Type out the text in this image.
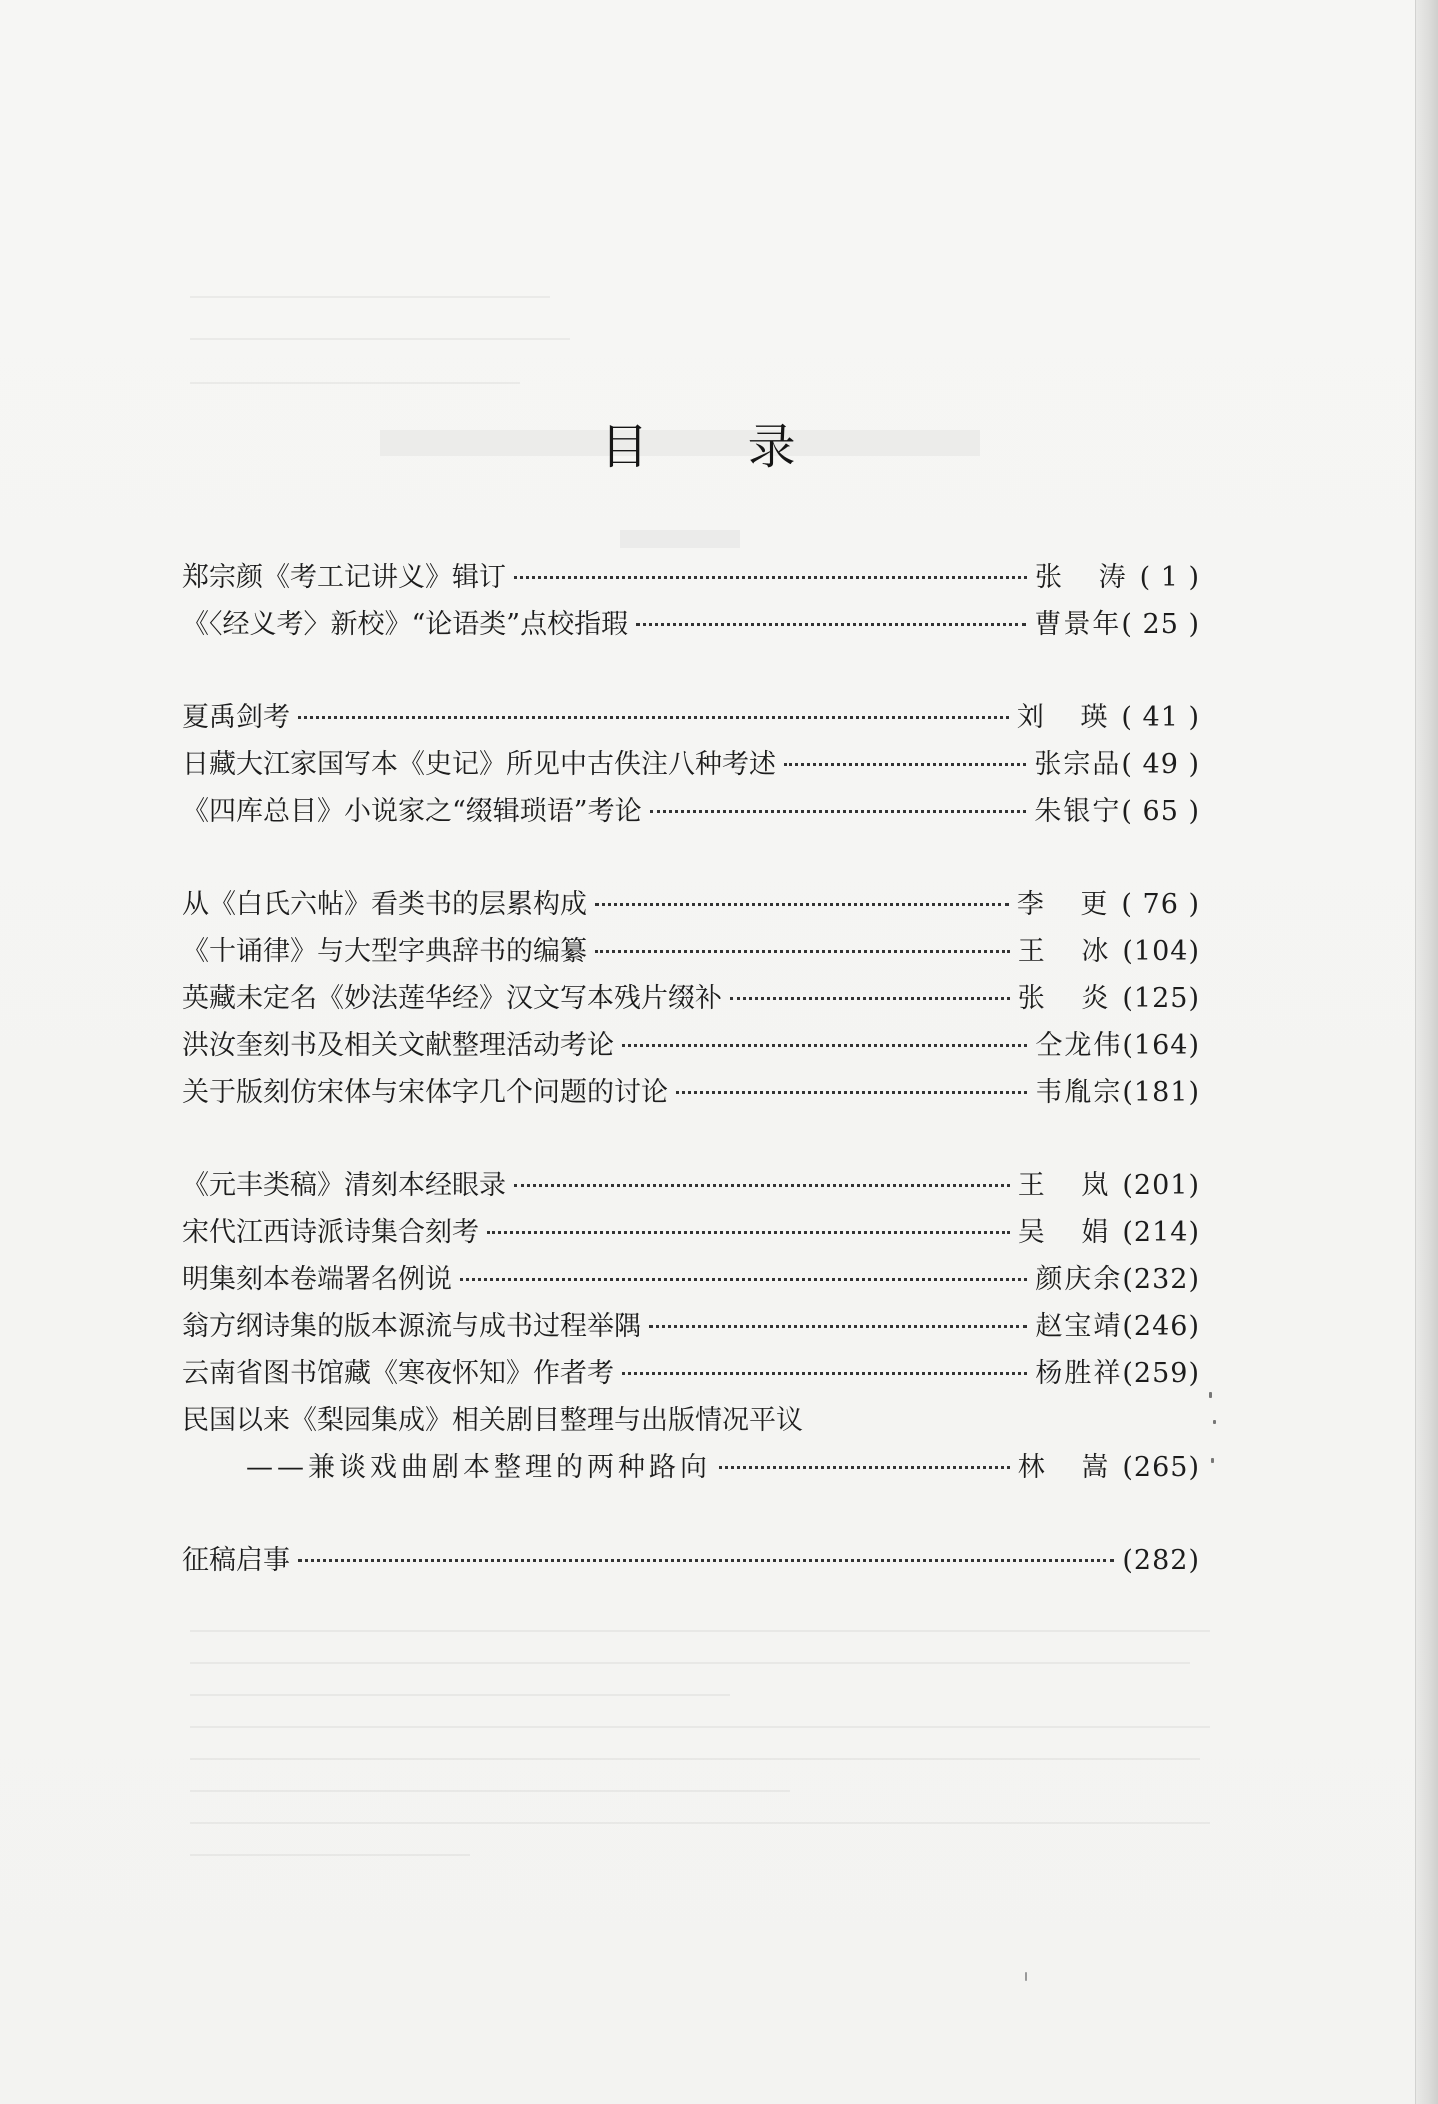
目 录
郑宗颜《考工记讲义》辑订	张 涛 ( 1 )
《〈经义考〉新校》“论语类”点校指瑕	曹景年 ( 25 )
夏禹剑考	刘 瑛 ( 41 )
日藏大江家国写本《史记》所见中古佚注八种考述	张宗品 ( 49 )
《四库总目》小说家之“缀辑琐语”考论	朱银宁 ( 65 )
从《白氏六帖》看类书的层累构成	李 更 ( 76 )
《十诵律》与大型字典辞书的编纂	王 冰 (104)
英藏未定名《妙法莲华经》汉文写本残片缀补	张 炎 (125)
洪汝奎刻书及相关文献整理活动考论	仝龙伟 (164)
关于版刻仿宋体与宋体字几个问题的讨论	韦胤宗 (181)
《元丰类稿》清刻本经眼录	王 岚 (201)
宋代江西诗派诗集合刻考	吴 娟 (214)
明集刻本卷端署名例说	颜庆余 (232)
翁方纲诗集的版本源流与成书过程举隅	赵宝靖 (246)
云南省图书馆藏《寒夜怀知》作者考	杨胜祥 (259)
民国以来《梨园集成》相关剧目整理与出版情况平议
——兼谈戏曲剧本整理的两种路向	林 嵩 (265)
征稿启事	(282)
